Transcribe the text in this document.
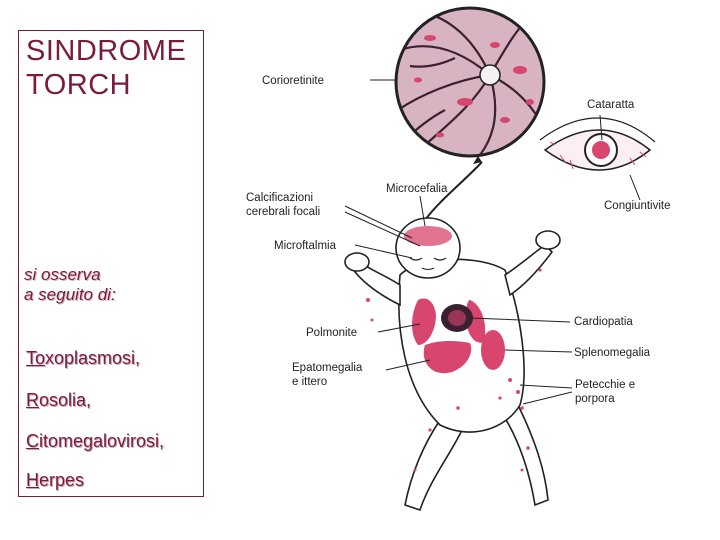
SINDROME
TORCH
si osserva
a seguito di:
Toxoplasmosi,
Rosolia,
Citomegalovirosi,
Herpes
Corioretinite
Cataratta
Congiuntivite
Microcefalia
Calcificazioni
cerebrali focali
Microftalmia
Polmonite
Cardiopatia
Splenomegalia
Epatomegalia
e ittero	Petecchie e
porpora
